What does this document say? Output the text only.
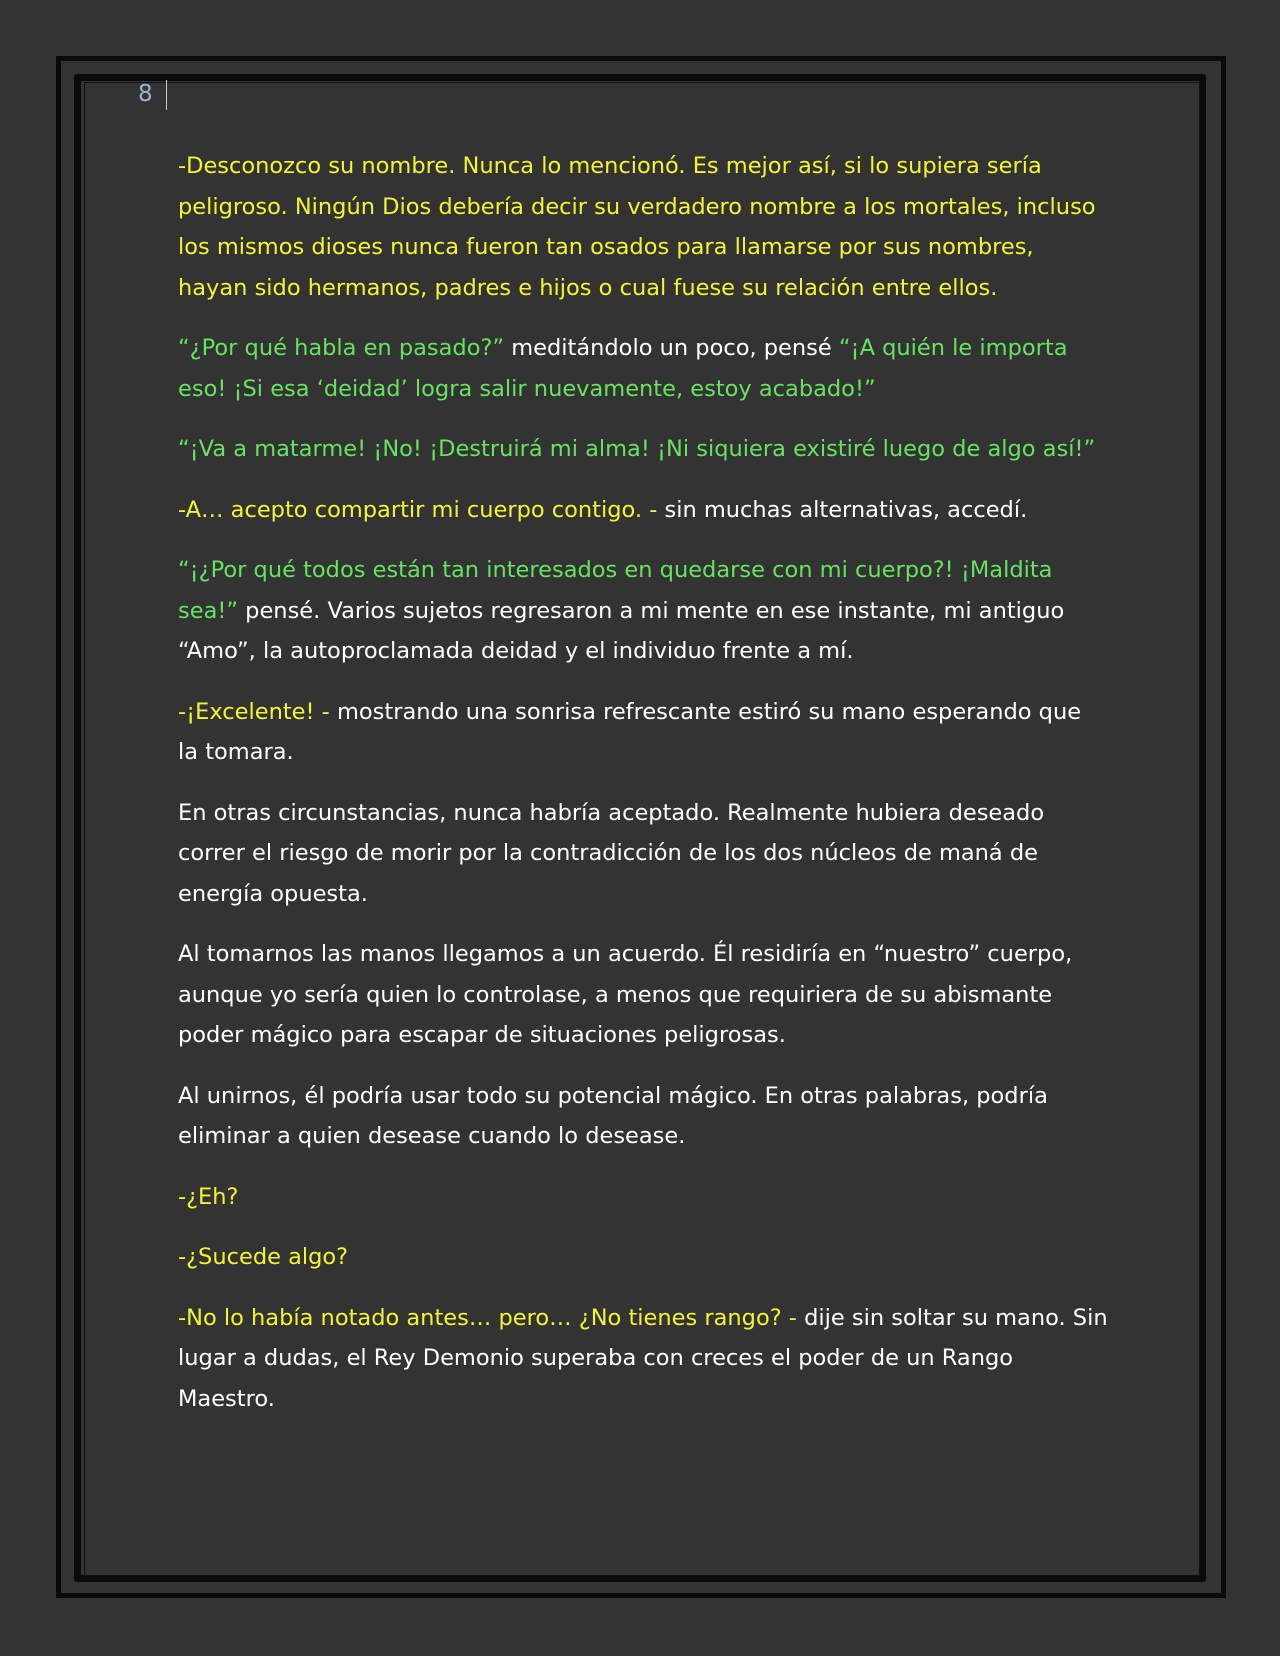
8

-Desconozco su nombre. Nunca lo mencionó. Es mejor así, si lo supiera sería peligroso. Ningún Dios debería decir su verdadero nombre a los mortales, incluso los mismos dioses nunca fueron tan osados para llamarse por sus nombres, hayan sido hermanos, padres e hijos o cual fuese su relación entre ellos.

“¿Por qué habla en pasado?” meditándolo un poco, pensé “¡A quién le importa eso! ¡Si esa ‘deidad’ logra salir nuevamente, estoy acabado!”

“¡Va a matarme! ¡No! ¡Destruirá mi alma! ¡Ni siquiera existiré luego de algo así!”

-A… acepto compartir mi cuerpo contigo. - sin muchas alternativas, accedí.

“¡¿Por qué todos están tan interesados en quedarse con mi cuerpo?! ¡Maldita sea!” pensé. Varios sujetos regresaron a mi mente en ese instante, mi antiguo “Amo”, la autoproclamada deidad y el individuo frente a mí.

-¡Excelente! - mostrando una sonrisa refrescante estiró su mano esperando que la tomara.

En otras circunstancias, nunca habría aceptado. Realmente hubiera deseado correr el riesgo de morir por la contradicción de los dos núcleos de maná de energía opuesta.

Al tomarnos las manos llegamos a un acuerdo. Él residiría en “nuestro” cuerpo, aunque yo sería quien lo controlase, a menos que requiriera de su abismante poder mágico para escapar de situaciones peligrosas.

Al unirnos, él podría usar todo su potencial mágico. En otras palabras, podría eliminar a quien desease cuando lo desease.

-¿Eh?

-¿Sucede algo?

-No lo había notado antes… pero… ¿No tienes rango? - dije sin soltar su mano. Sin lugar a dudas, el Rey Demonio superaba con creces el poder de un Rango Maestro.
